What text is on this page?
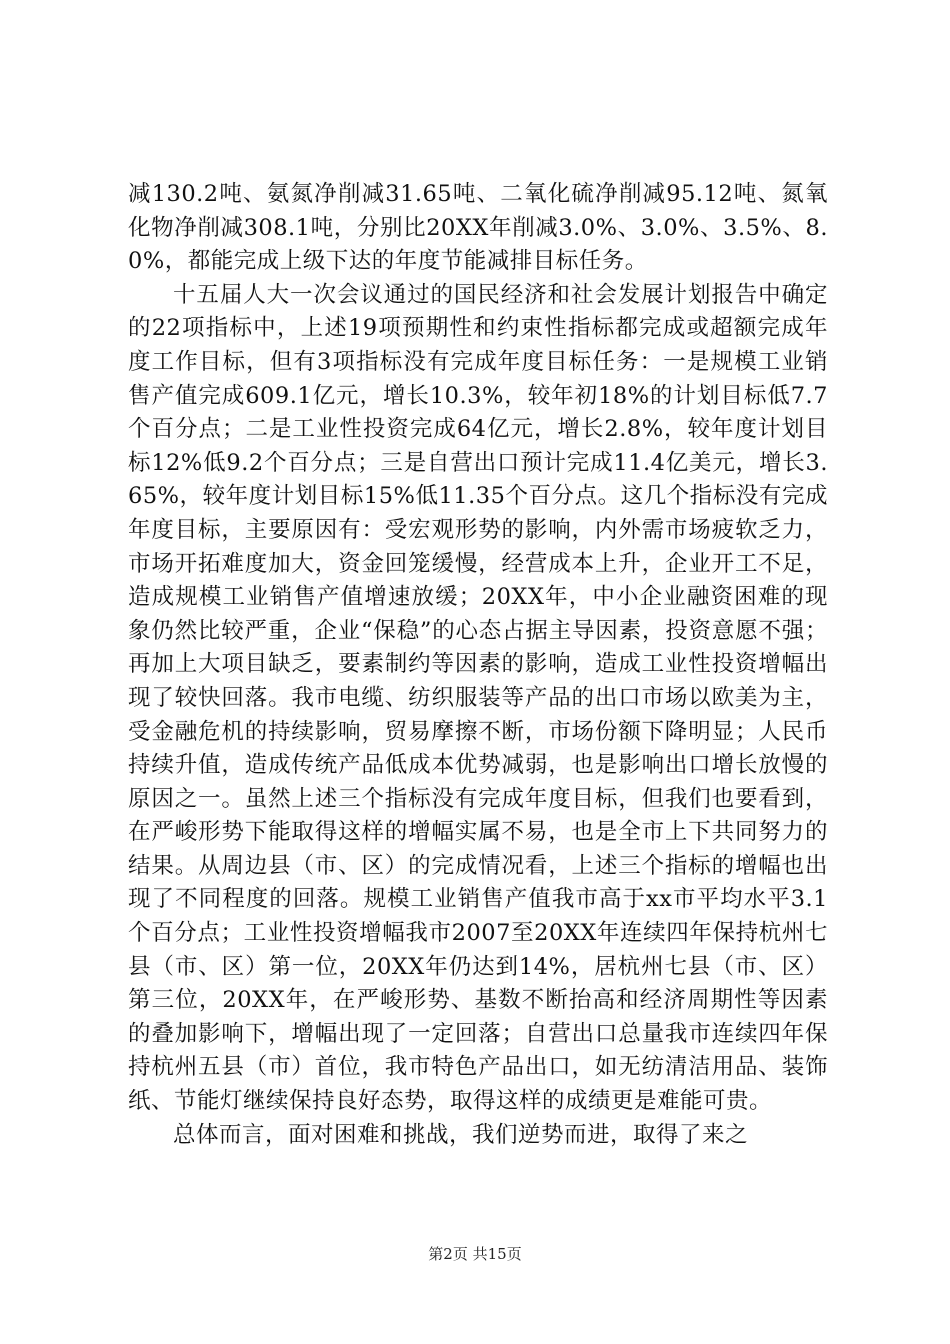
减130.2吨、氨氮净削减31.65吨、二氧化硫净削减95.12吨、氮氧化物净削减308.1吨，分别比20XX年削减3.0%、3.0%、3.5%、8.0%，都能完成上级下达的年度节能减排目标任务。

十五届人大一次会议通过的国民经济和社会发展计划报告中确定的22项指标中，上述19项预期性和约束性指标都完成或超额完成年度工作目标，但有3项指标没有完成年度目标任务：一是规模工业销售产值完成609.1亿元，增长10.3%，较年初18%的计划目标低7.7个百分点；二是工业性投资完成64亿元，增长2.8%，较年度计划目标12%低9.2个百分点；三是自营出口预计完成11.4亿美元，增长3.65%，较年度计划目标15%低11.35个百分点。这几个指标没有完成年度目标，主要原因有：受宏观形势的影响，内外需市场疲软乏力，市场开拓难度加大，资金回笼缓慢，经营成本上升，企业开工不足，造成规模工业销售产值增速放缓；20XX年，中小企业融资困难的现象仍然比较严重，企业“保稳”的心态占据主导因素，投资意愿不强；再加上大项目缺乏，要素制约等因素的影响，造成工业性投资增幅出现了较快回落。我市电缆、纺织服装等产品的出口市场以欧美为主，受金融危机的持续影响，贸易摩擦不断，市场份额下降明显；人民币持续升值，造成传统产品低成本优势减弱，也是影响出口增长放慢的原因之一。虽然上述三个指标没有完成年度目标，但我们也要看到，在严峻形势下能取得这样的增幅实属不易，也是全市上下共同努力的结果。从周边县（市、区）的完成情况看，上述三个指标的增幅也出现了不同程度的回落。规模工业销售产值我市高于xx市平均水平3.1个百分点；工业性投资增幅我市2007至20XX年连续四年保持杭州七县（市、区）第一位，20XX年仍达到14%，居杭州七县（市、区）第三位，20XX年，在严峻形势、基数不断抬高和经济周期性等因素的叠加影响下，增幅出现了一定回落；自营出口总量我市连续四年保持杭州五县（市）首位，我市特色产品出口，如无纺清洁用品、装饰纸、节能灯继续保持良好态势，取得这样的成绩更是难能可贵。

总体而言，面对困难和挑战，我们逆势而进，取得了来之

第2页 共15页
